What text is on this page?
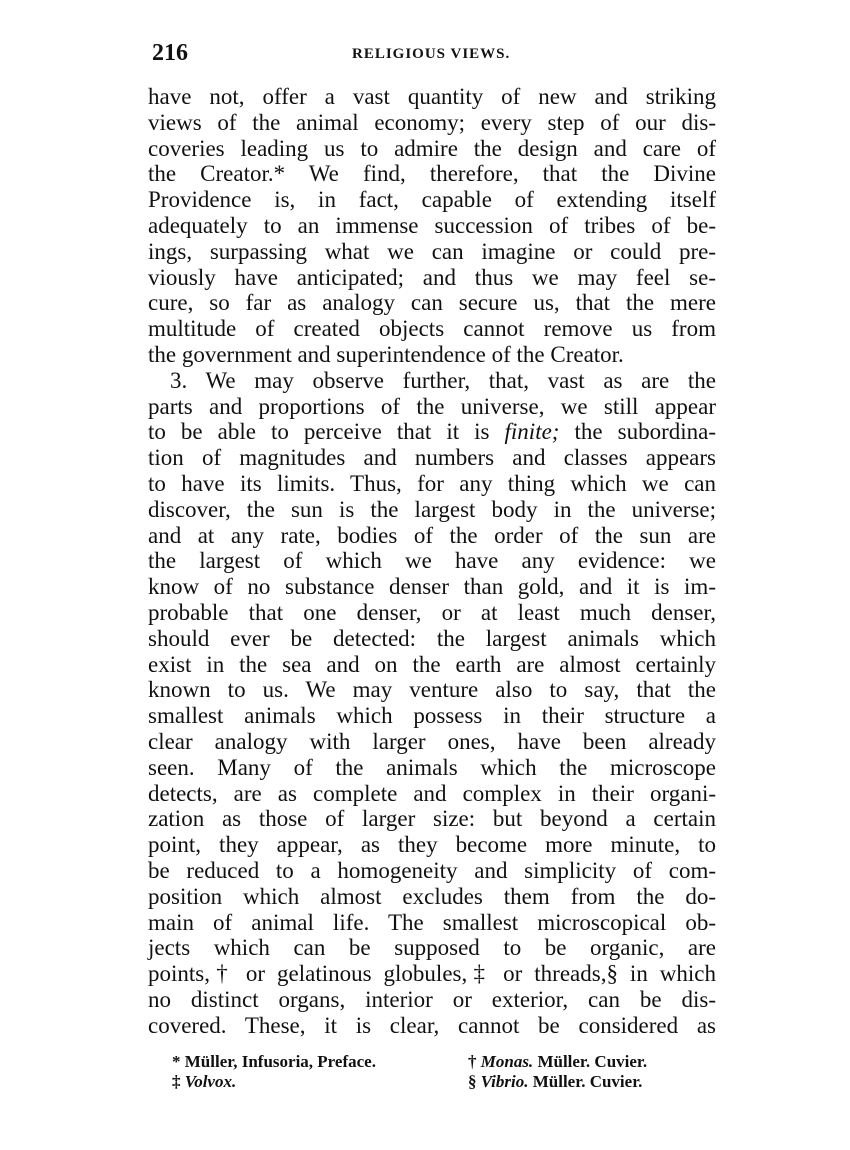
216	RELIGIOUS VIEWS.
have not, offer a vast quantity of new and striking
views of the animal economy; every step of our dis-
coveries leading us to admire the design and care of
the Creator.* We find, therefore, that the Divine
Providence is, in fact, capable of extending itself
adequately to an immense succession of tribes of be-
ings, surpassing what we can imagine or could pre-
viously have anticipated; and thus we may feel se-
cure, so far as analogy can secure us, that the mere
multitude of created objects cannot remove us from
the government and superintendence of the Creator.
3. We may observe further, that, vast as are the
parts and proportions of the universe, we still appear
to be able to perceive that it is finite; the subordina-
tion of magnitudes and numbers and classes appears
to have its limits. Thus, for any thing which we can
discover, the sun is the largest body in the universe;
and at any rate, bodies of the order of the sun are
the largest of which we have any evidence: we
know of no substance denser than gold, and it is im-
probable that one denser, or at least much denser,
should ever be detected: the largest animals which
exist in the sea and on the earth are almost certainly
known to us. We may venture also to say, that the
smallest animals which possess in their structure a
clear analogy with larger ones, have been already
seen. Many of the animals which the microscope
detects, are as complete and complex in their organi-
zation as those of larger size: but beyond a certain
point, they appear, as they become more minute, to
be reduced to a homogeneity and simplicity of com-
position which almost excludes them from the do-
main of animal life. The smallest microscopical ob-
jects which can be supposed to be organic, are
points,† or gelatinous globules,‡ or threads,§ in which
no distinct organs, interior or exterior, can be dis-
covered. These, it is clear, cannot be considered as
* Müller, Infusoria, Preface.	† Monas. Müller. Cuvier.
‡ Volvox.	§ Vibrio. Müller. Cuvier.
